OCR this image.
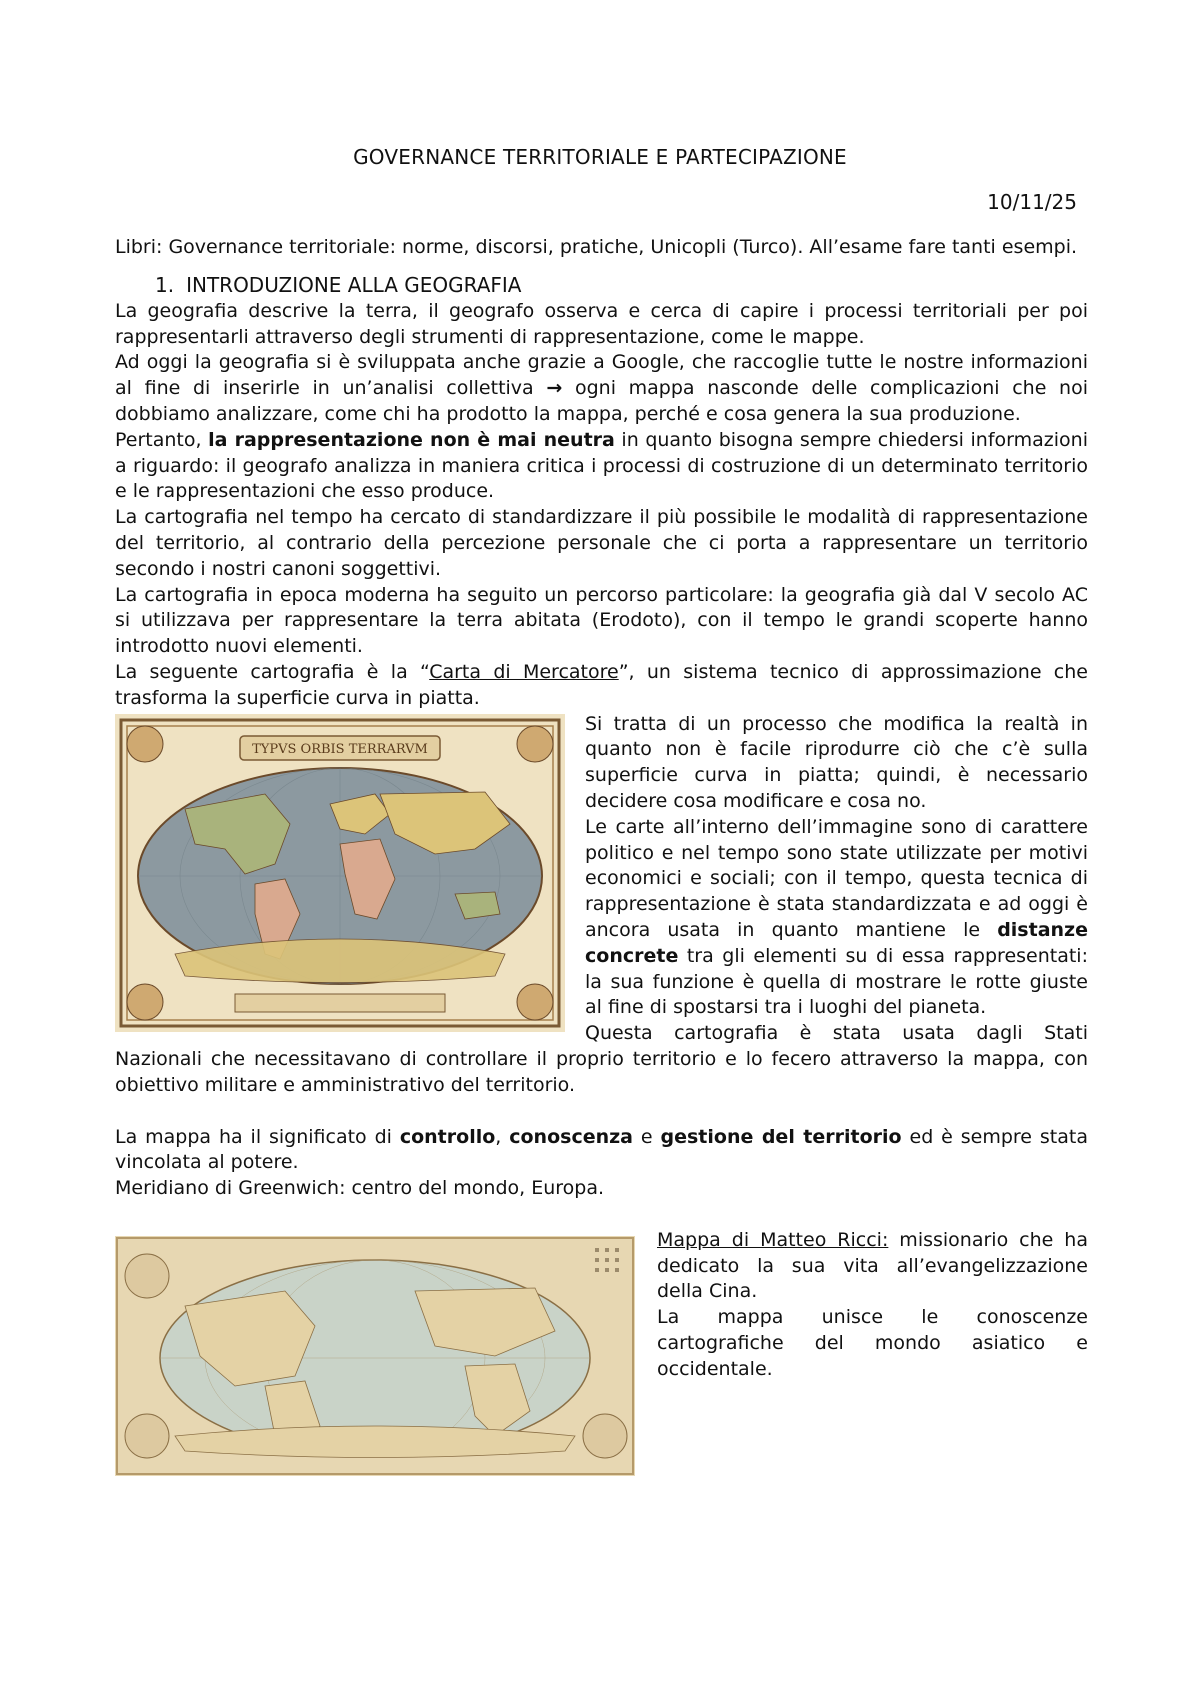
GOVERNANCE TERRITORIALE E PARTECIPAZIONE
10/11/25

Libri: Governance territoriale: norme, discorsi, pratiche, Unicopli (Turco). All’esame fare tanti esempi.

1. INTRODUZIONE ALLA GEOGRAFIA

La geografia descrive la terra, il geografo osserva e cerca di capire i processi territoriali per poi rappresentarli attraverso degli strumenti di rappresentazione, come le mappe.

Ad oggi la geografia si è sviluppata anche grazie a Google, che raccoglie tutte le nostre informazioni al fine di inserirle in un’analisi collettiva → ogni mappa nasconde delle complicazioni che noi dobbiamo analizzare, come chi ha prodotto la mappa, perché e cosa genera la sua produzione.

Pertanto, la rappresentazione non è mai neutra in quanto bisogna sempre chiedersi informazioni a riguardo: il geografo analizza in maniera critica i processi di costruzione di un determinato territorio e le rappresentazioni che esso produce.

La cartografia nel tempo ha cercato di standardizzare il più possibile le modalità di rappresentazione del territorio, al contrario della percezione personale che ci porta a rappresentare un territorio secondo i nostri canoni soggettivi.

La cartografia in epoca moderna ha seguito un percorso particolare: la geografia già dal V secolo AC si utilizzava per rappresentare la terra abitata (Erodoto), con il tempo le grandi scoperte hanno introdotto nuovi elementi.

La seguente cartografia è la “Carta di Mercatore”, un sistema tecnico di approssimazione che trasforma la superficie curva in piatta.

TYPVS ORBIS TERRARVM

Si tratta di un processo che modifica la realtà in quanto non è facile riprodurre ciò che c’è sulla superficie curva in piatta; quindi, è necessario decidere cosa modificare e cosa no.

Le carte all’interno dell’immagine sono di carattere politico e nel tempo sono state utilizzate per motivi economici e sociali; con il tempo, questa tecnica di rappresentazione è stata standardizzata e ad oggi è ancora usata in quanto mantiene le distanze concrete tra gli elementi su di essa rappresentati: la sua funzione è quella di mostrare le rotte giuste al fine di spostarsi tra i luoghi del pianeta.

Questa cartografia è stata usata dagli Stati Nazionali che necessitavano di controllare il proprio territorio e lo fecero attraverso la mappa, con obiettivo militare e amministrativo del territorio.

La mappa ha il significato di controllo, conoscenza e gestione del territorio ed è sempre stata vincolata al potere.

Meridiano di Greenwich: centro del mondo, Europa.

Mappa di Matteo Ricci: missionario che ha dedicato la sua vita all’evangelizzazione della Cina.

La mappa unisce le conoscenze cartografiche del mondo asiatico e occidentale.
